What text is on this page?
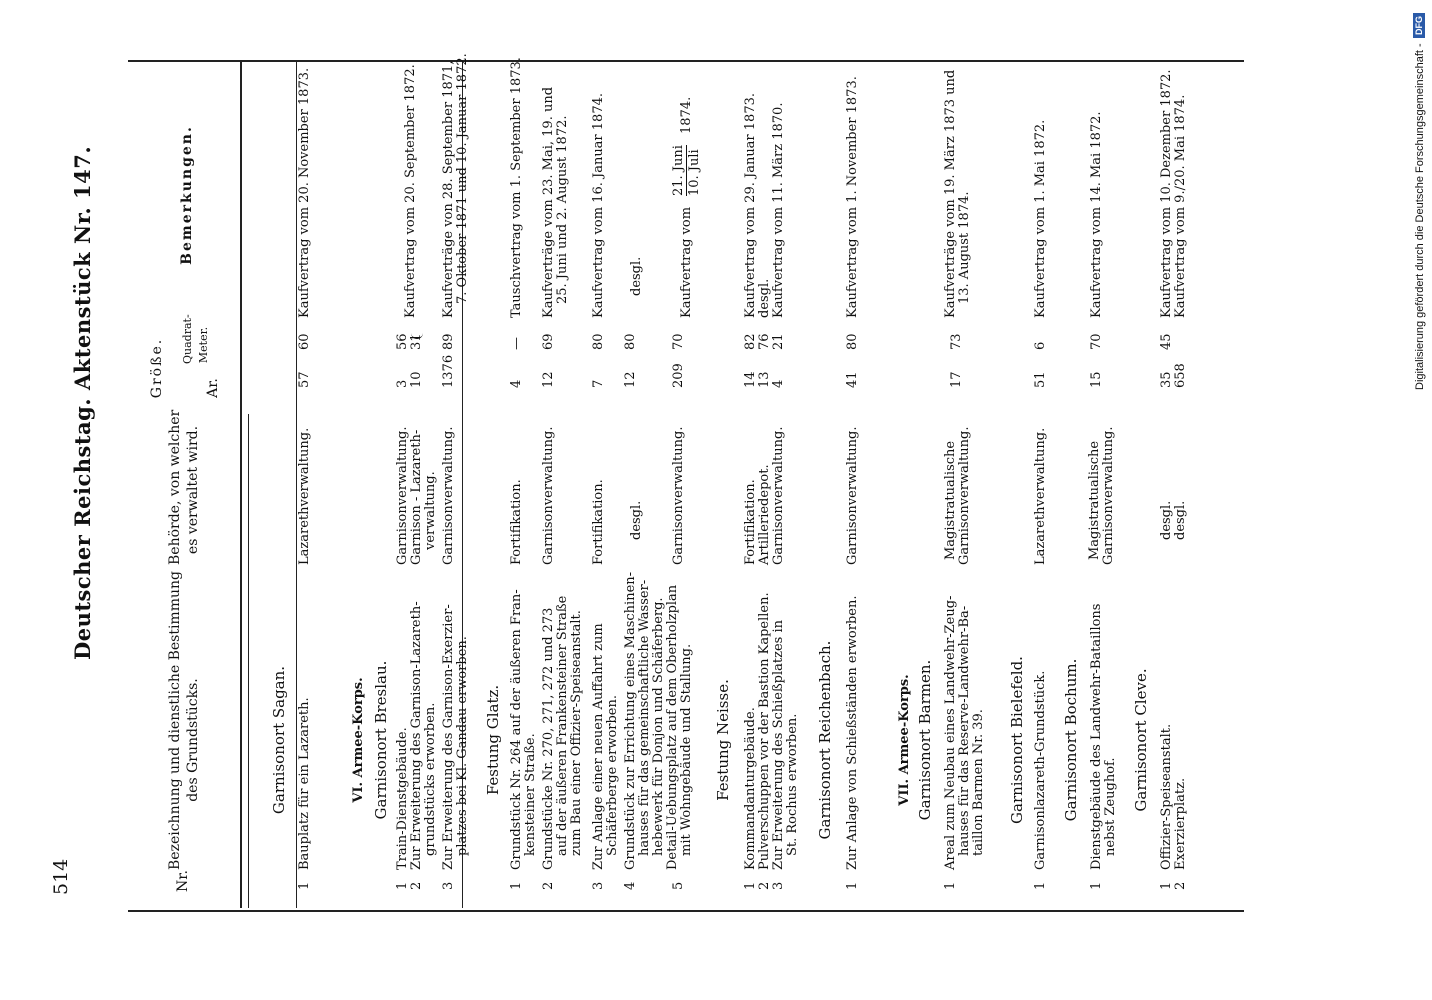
514
Deutscher Reichstag. Aktenstück Nr. 147.	Digitalisierung gefördert durch die Deutsche Forschungsgemeinschaft -
DFG
Nr.
Bezeichnung und dienstliche Bestimmung des Grundstücks.
Behörde, von welcher es verwaltet wird.
Größe.	Ar.
Quadrat- Meter.
Bemerkungen.
Garnisonort Sagan.
1
Bauplatz für ein Lazareth.
Lazarethverwaltung.
57
60
Kaufvertrag vom 20. November 1873.
VI. Armee-Korps. Garnisonort Breslau.
1
Train-Dienstgebäude.
Garnisonverwaltung.
3
56
2
Zur Erweiterung des Garnison-Lazareth- grundstücks erworben.
Garnison - Lazareth- verwaltung.
10
31
Kaufvertrag vom 20. September 1872.
3
Zur Erweiterung des Garnison-Exerzier- platzes bei Kl. Gandau erworben.
Garnisonverwaltung.
1376
89
Kaufverträge von 28. September 1871, 7. Oktober 1871 und 10. Januar 1872.
Festung Glatz.
1
Grundstück Nr. 264 auf der äußeren Fran- kensteiner Straße.
Fortifikation.
4
—
Tauschvertrag vom 1. September 1873.
2
Grundstücke Nr. 270, 271, 272 und 273 auf der äußeren Frankensteiner Straße zum Bau einer Offizier-Speiseanstalt.
Garnisonverwaltung.
12
69
Kaufverträge vom 23. Mai, 19. und 25. Juni und 2. August 1872.
3
Zur Anlage einer neuen Auffahrt zum Schäferberge erworben.
Fortifikation.
7
80
Kaufvertrag vom 16. Januar 1874.
4
Grundstück zur Errichtung eines Maschinen- hauses für das gemeinschaftliche Wasser- hebewerk für Donjon und Schäferberg.
desgl.
12
80
desgl.
5
Detail-Uebungsplatz auf dem Oberholzplan mit Wohngebäude und Stallung.
Garnisonverwaltung.
209
70
Kaufvertrag vom
21. Juni 10. Juli
1874.
Festung Neisse.
1
Kommandanturgebäude.
Fortifikation.
14
82
Kaufvertrag vom 29. Januar 1873.
2
Pulverschuppen vor der Bastion Kapellen.
Artilleriedepot.
13
76
desgl.
3
Zur Erweiterung des Schießplatzes in St. Rochus erworben.
Garnisonverwaltung.
4
21
Kaufvertrag vom 11. März 1870.
Garnisonort Reichenbach.
1
Zur Anlage von Schießständen erworben.
Garnisonverwaltung.
41
80
Kaufvertrag vom 1. November 1873.
VII. Armee-Korps. Garnisonort Barmen.
1
Areal zum Neubau eines Landwehr-Zeug- hauses für das Reserve-Landwehr-Ba- taillon Barmen Nr. 39.
Magistratualische Garnisonverwaltung.
17
73
Kaufverträge vom 19. März 1873 und 13. August 1874.
Garnisonort Bielefeld.
1
Garnisonlazareth-Grundstück.
Lazarethverwaltung.
51
6
Kaufvertrag vom 1. Mai 1872.
Garnisonort Bochum.
1
Dienstgebäude des Landwehr-Bataillons nebst Zeughof.
Magistratualische Garnisonverwaltung.
15
70
Kaufvertrag vom 14. Mai 1872.
Garnisonort Cleve.
1
Offizier-Speiseanstalt.
desgl.
35
45
Kaufvertrag vom 10. Dezember 1872.
2
Exerzierplatz.
desgl.
658
Kaufvertrag vom 9./20. Mai 1874.
